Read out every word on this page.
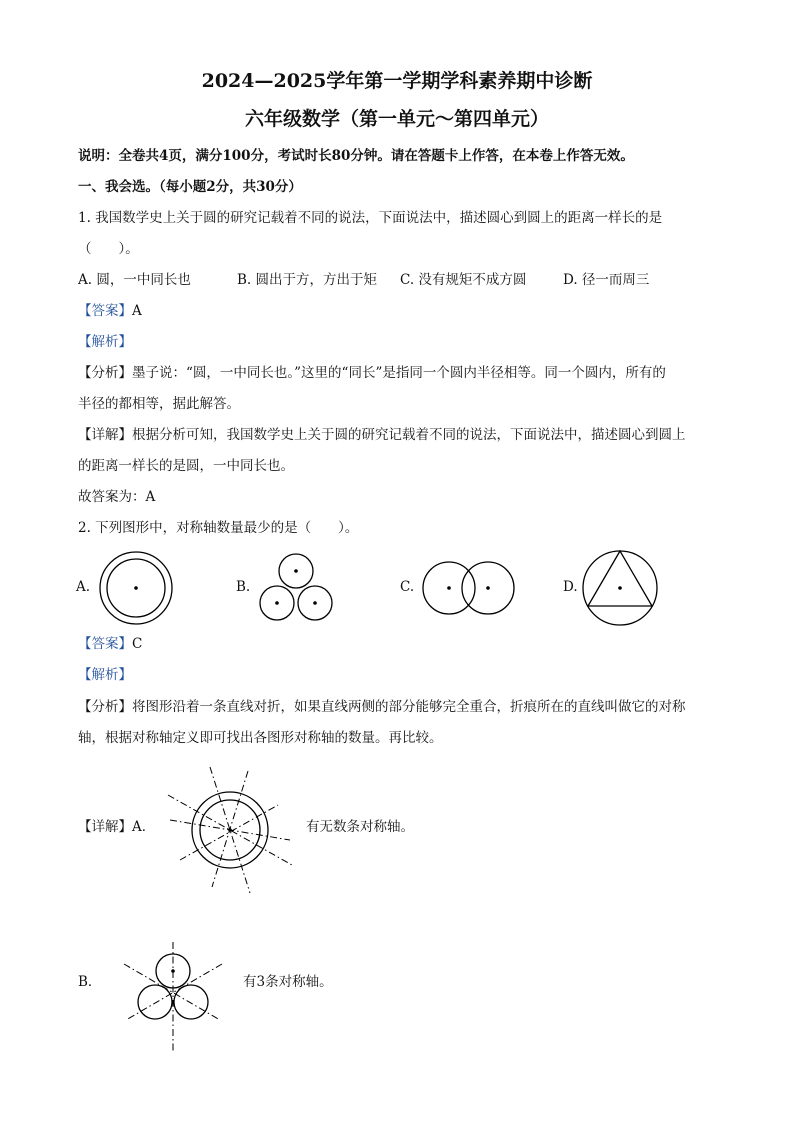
2024—2025学年第一学期学科素养期中诊断
六年级数学（第一单元～第四单元）
说明：全卷共4页，满分100分，考试时长80分钟。请在答题卡上作答，在本卷上作答无效。
一、我会选。（每小题2分，共30分）
1. 我国数学史上关于圆的研究记载着不同的说法，下面说法中，描述圆心到圆上的距离一样长的是
（　　）。
A. 圆，一中同长也	B. 圆出于方，方出于矩 C. 没有规矩不成方圆	D. 径一而周三
【答案】A
【解析】
【分析】墨子说：“圆，一中同长也。”这里的“同长”是指同一个圆内半径相等。同一个圆内，所有的
半径的都相等，据此解答。
【详解】根据分析可知，我国数学史上关于圆的研究记载着不同的说法，下面说法中，描述圆心到圆上
的距离一样长的是圆，一中同长也。
故答案为：A
2. 下列图形中，对称轴数量最少的是（　　）。
A.	B.	C.	D.
【答案】C
【解析】
【分析】将图形沿着一条直线对折，如果直线两侧的部分能够完全重合，折痕所在的直线叫做它的对称
轴，根据对称轴定义即可找出各图形对称轴的数量。再比较。
【详解】A．	有无数条对称轴。
B．	有3条对称轴。
